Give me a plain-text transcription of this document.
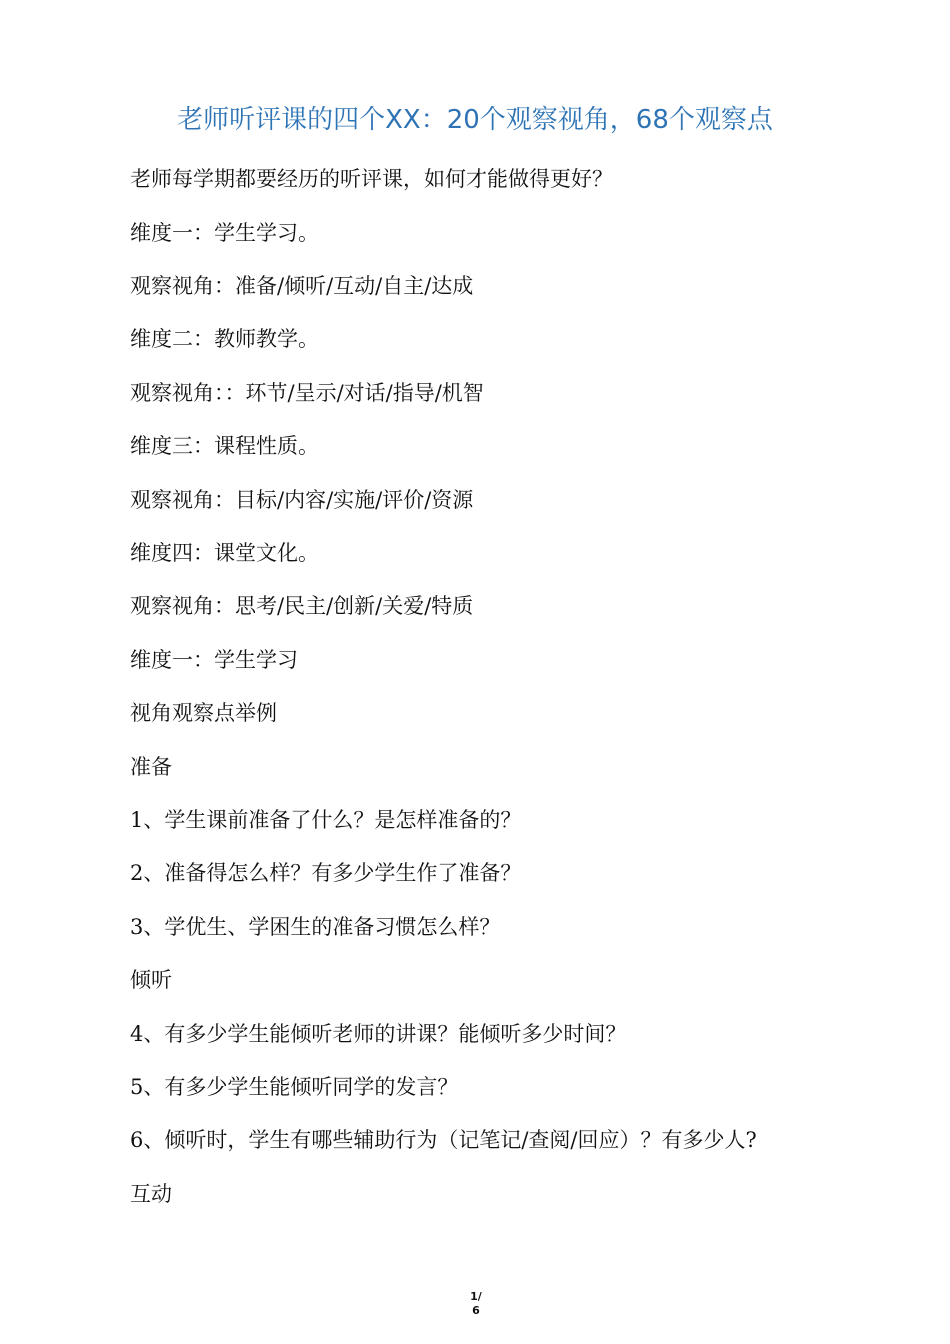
老师听评课的四个XX：20个观察视角，68个观察点
老师每学期都要经历的听评课，如何才能做得更好？
维度一：学生学习。
观察视角：准备/倾听/互动/自主/达成
维度二：教师教学。
观察视角：：环节/呈示/对话/指导/机智
维度三：课程性质。
观察视角：目标/内容/实施/评价/资源
维度四：课堂文化。
观察视角：思考/民主/创新/关爱/特质
维度一：学生学习
视角观察点举例
准备
1、学生课前准备了什么？是怎样准备的？
2、准备得怎么样？有多少学生作了准备？
3、学优生、学困生的准备习惯怎么样？
倾听
4、有多少学生能倾听老师的讲课？能倾听多少时间？
5、有多少学生能倾听同学的发言？
6、倾听时，学生有哪些辅助行为（记笔记/查阅/回应）？有多少人?
互动
1/
6
